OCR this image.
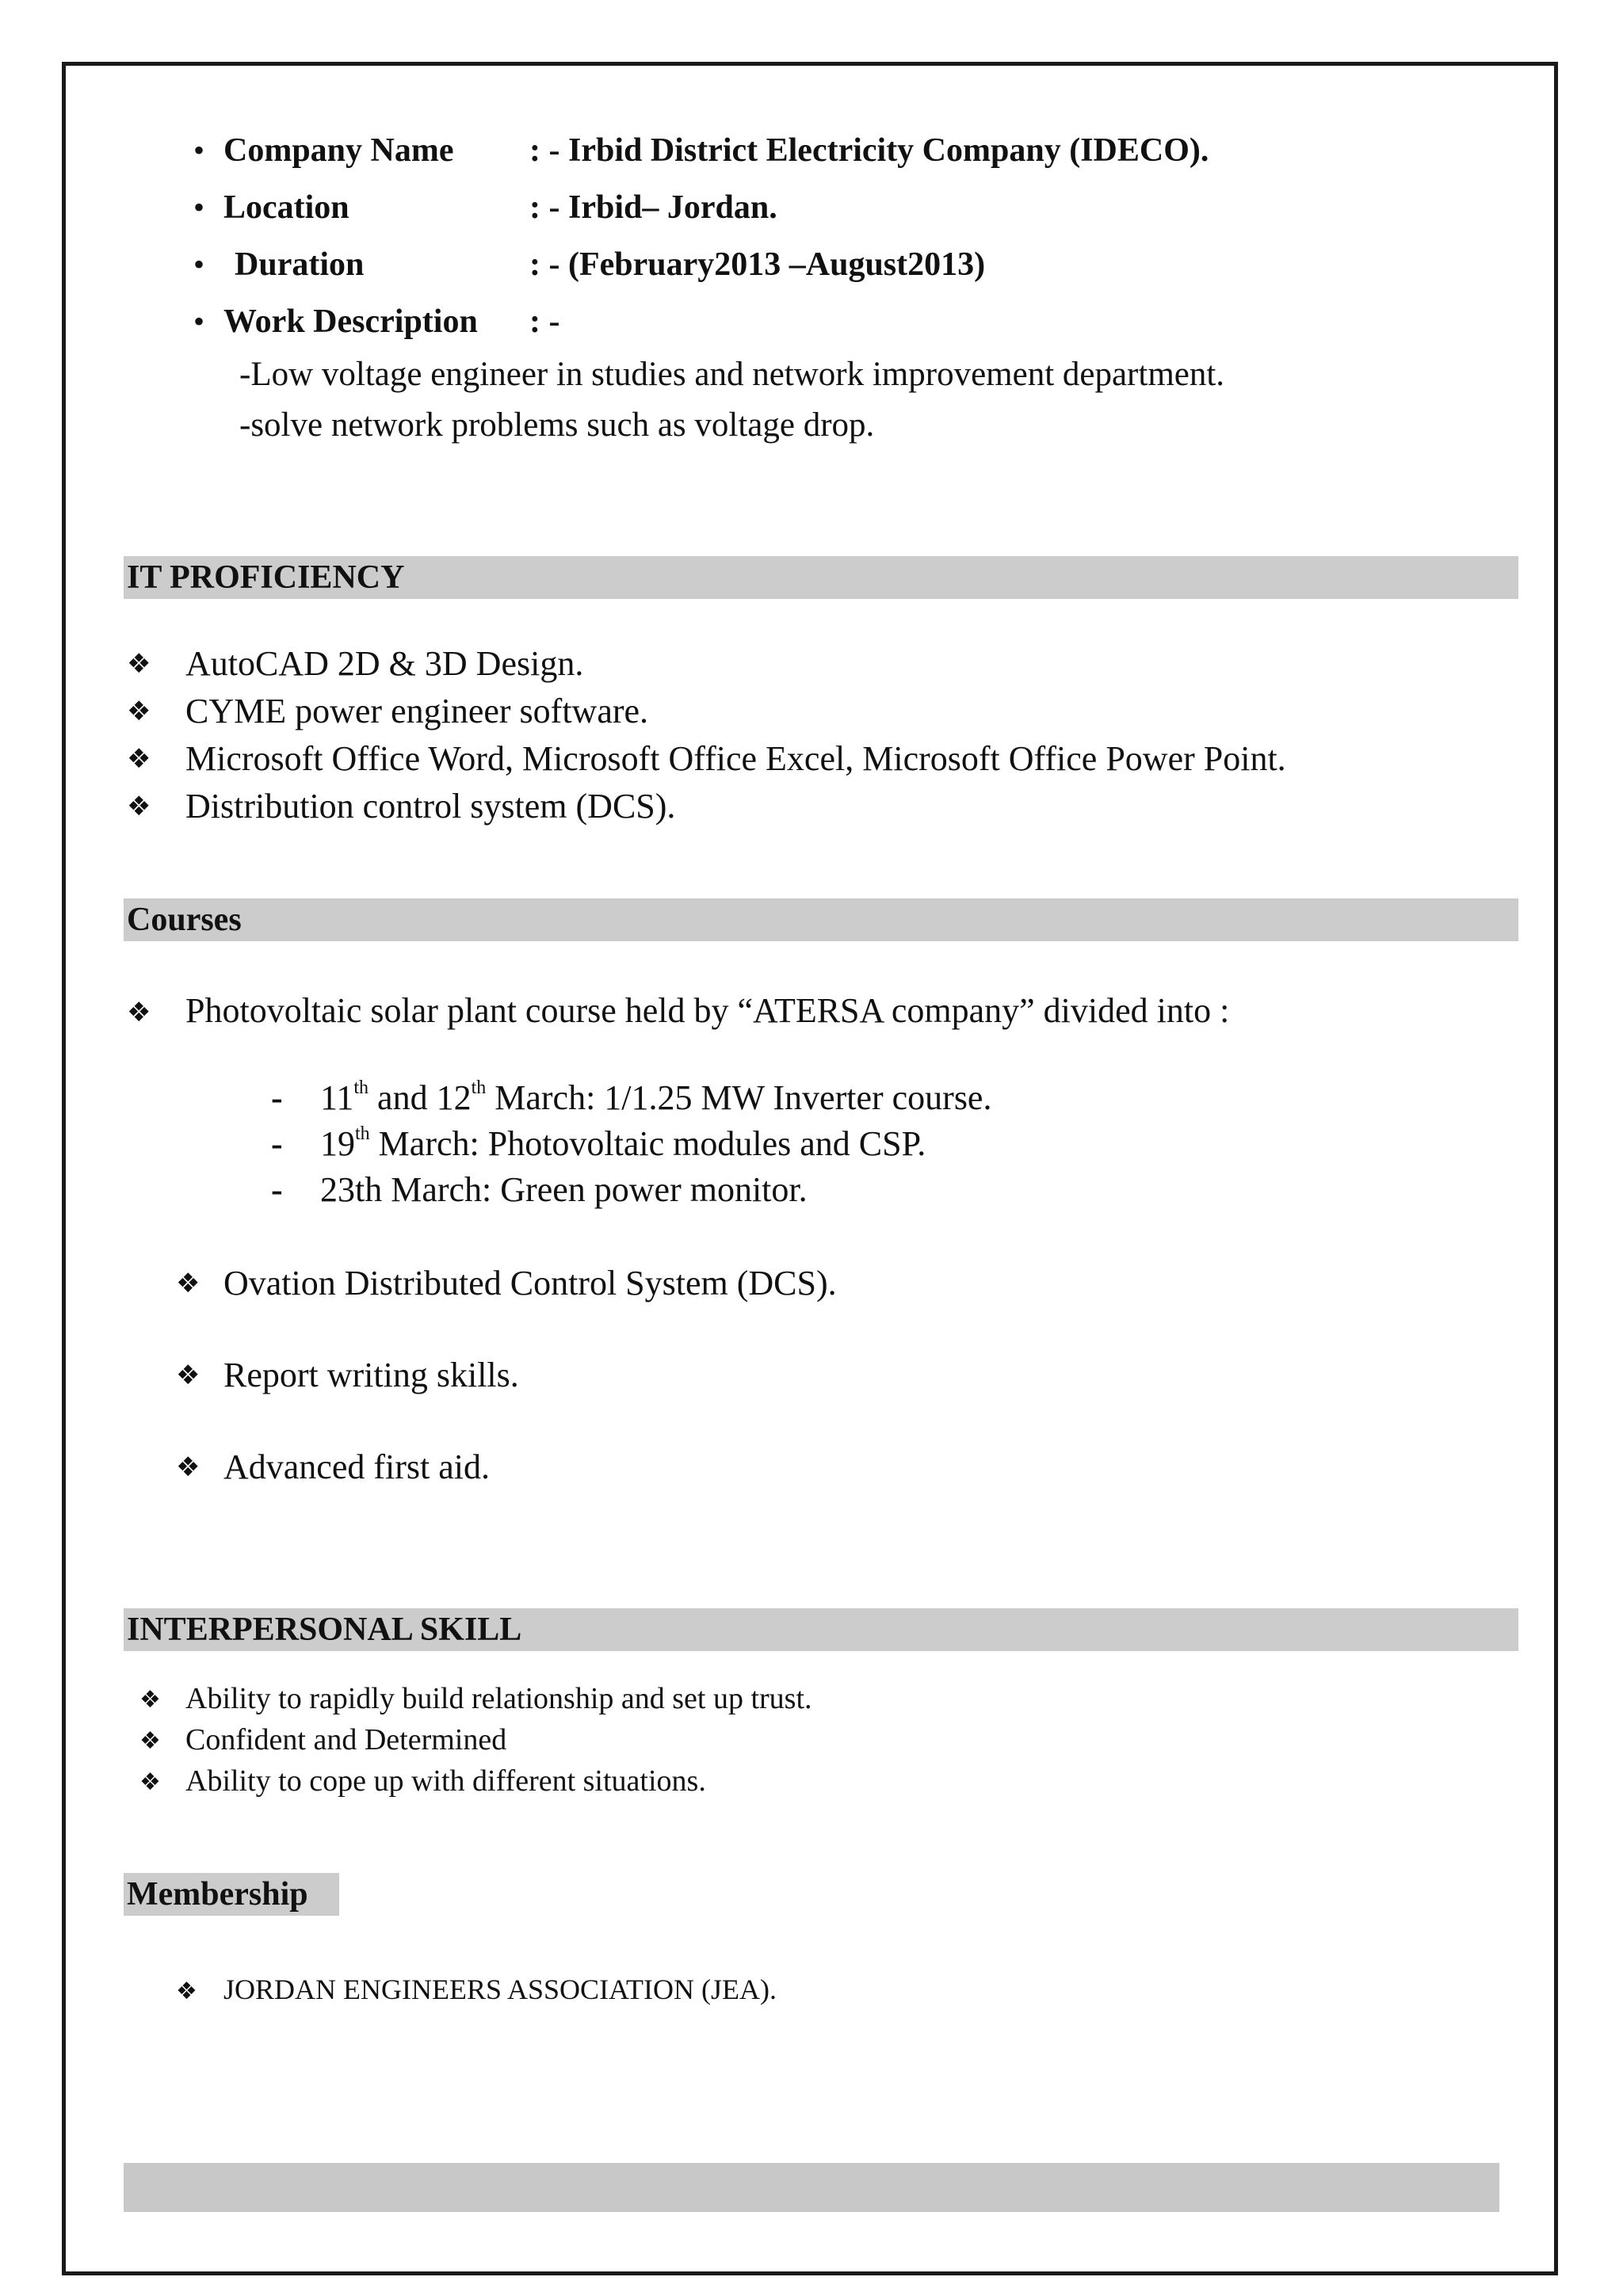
• Company Name : - Irbid District Electricity Company (IDECO).
• Location	: - Irbid– Jordan.
• Duration	: - (February2013 –August2013)
• Work Description : -
-Low voltage engineer in studies and network improvement department.
-solve network problems such as voltage drop.
IT PROFICIENCY
❖ AutoCAD 2D & 3D Design.
❖ CYME power engineer software.
❖ Microsoft Office Word, Microsoft Office Excel, Microsoft Office Power Point.
❖ Distribution control system (DCS).
Courses
❖ Photovoltaic solar plant course held by “ATERSA company” divided into :
- 11th and 12th March: 1/1.25 MW Inverter course.
- 19th March: Photovoltaic modules and CSP.
- 23th March: Green power monitor.
❖ Ovation Distributed Control System (DCS).
❖ Report writing skills.
❖ Advanced first aid.
INTERPERSONAL SKILL
❖ Ability to rapidly build relationship and set up trust.
❖ Confident and Determined
❖ Ability to cope up with different situations.
Membership
❖ JORDAN ENGINEERS ASSOCIATION (JEA).
